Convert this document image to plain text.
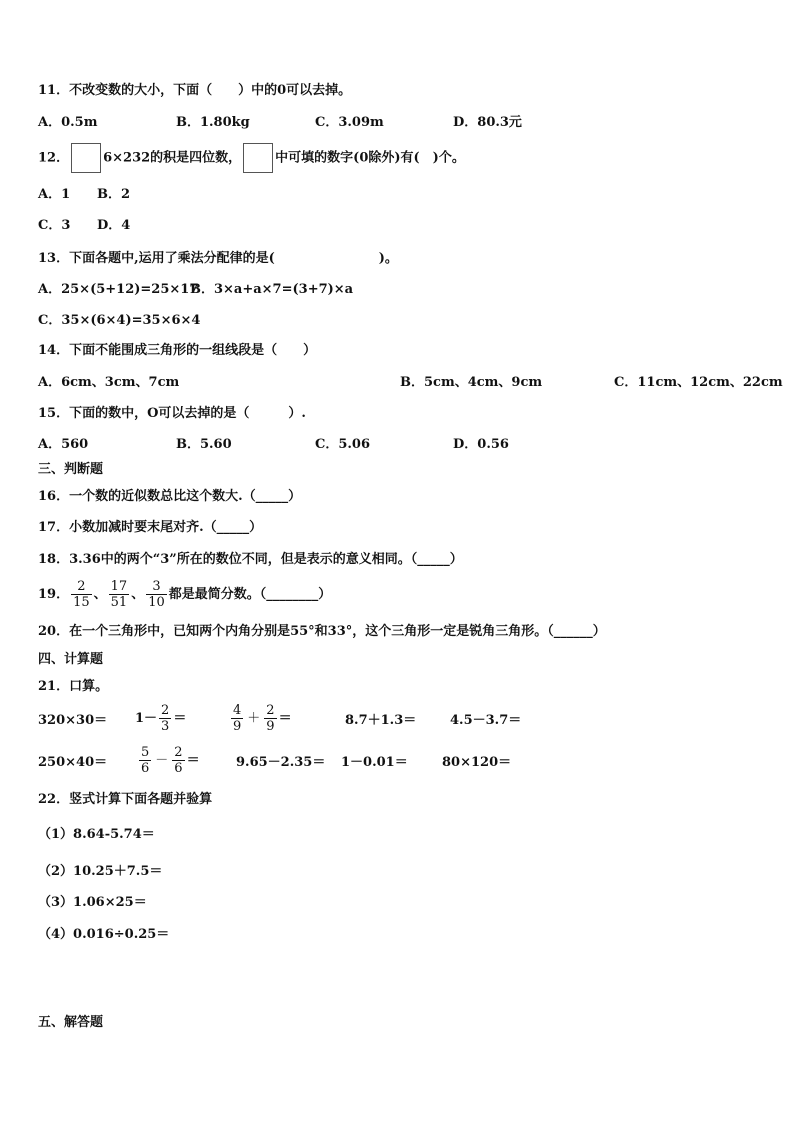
11．不改变数的大小，下面（　　）中的0可以去掉。
A．0.5m	B．1.80kg	C．3.09m	D．80.3元
12．	6×232的积是四位数，	中可填的数字(0除外)有(　)个。
A．1 B．2
C．3 D．4
13．下面各题中,运用了乘法分配律的是(　　　　　　　　)。
A．25×(5+12)=25×17
B．3×a+a×7=(3+7)×a
C．35×(6×4)=35×6×4
14．下面不能围成三角形的一组线段是（　　）
A．6cm、3cm、7cm	B．5cm、4cm、9cm	C．11cm、12cm、22cm
15．下面的数中，O可以去掉的是（　　　）.
A．560	B．5.60	C．5.06	D．0.56
三、判断题
16．一个数的近似数总比这个数大.（_____）
17．小数加减时要末尾对齐.（_____）
18．3.36中的两个“3”所在的数位不同，但是表示的意义相同。（_____）
19． $\frac{2}{15}$ 、 $\frac{17}{51}$ 、 $\frac{3}{10}$ 都是最简分数。（________）
20．在一个三角形中，已知两个内角分别是55°和33°，这个三角形一定是锐角三角形。（______）
四、计算题
21．口算。
$320\times 30= 1- \frac{2}{3}$ ＝	$\frac{4}{9} + \frac{2}{9}$ ＝	8.7＋1.3＝	4.5－3.7＝
$250\times 40= \frac{5}{6} - \frac{2}{6}$ ＝	9.65－2.35＝ 1－0.01＝	80×120＝
22．竖式计算下面各题并验算
（1）8.64-5.74＝
（2）10.25＋7.5＝
（3）1.06×25＝
（4）0.016÷0.25＝
五、解答题
